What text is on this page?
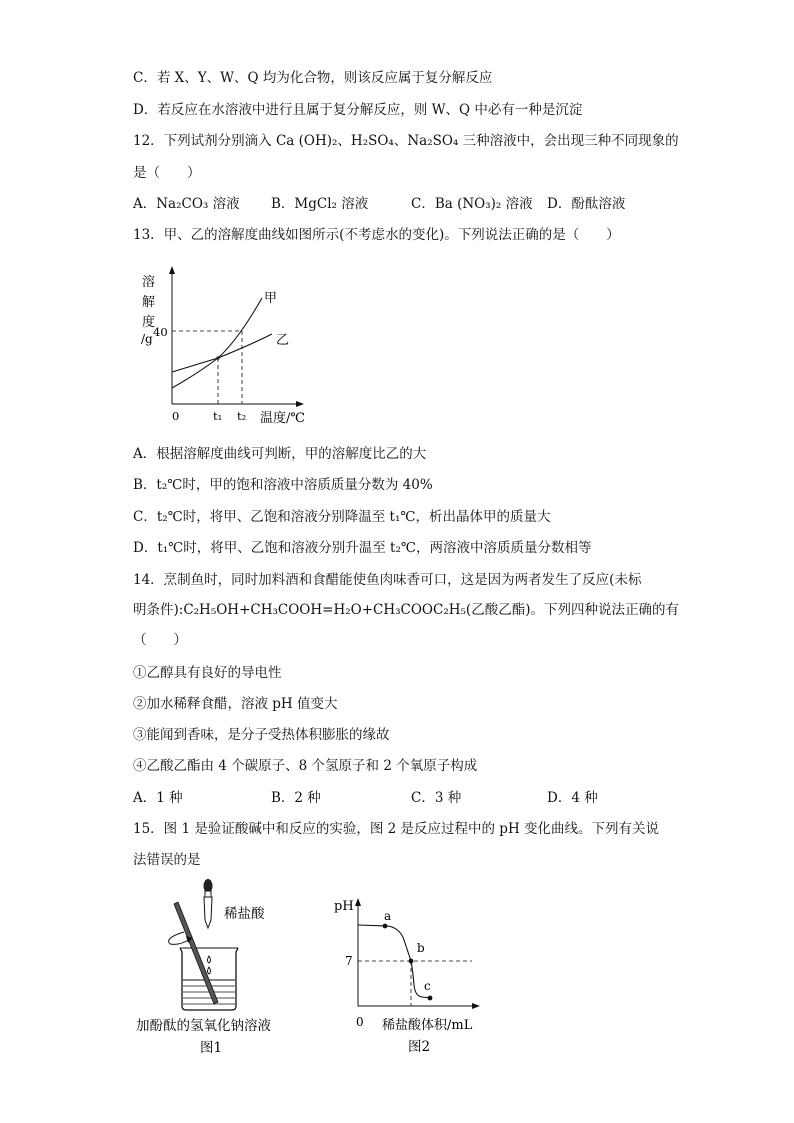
C．若 X、Y、W、Q 均为化合物，则该反应属于复分解反应
D．若反应在水溶液中进行且属于复分解反应，则 W、Q 中必有一种是沉淀
12．下列试剂分别滴入 Ca (OH)₂、H₂SO₄、Na₂SO₄ 三种溶液中，会出现三种不同现象的
是（　　）
A．Na₂CO₃ 溶液 B．MgCl₂ 溶液	C．Ba (NO₃)₂ 溶液 D．酚酞溶液
13．甲、乙的溶解度曲线如图所示(不考虑水的变化)。下列说法正确的是（　　）
溶
解
度
/g 40
甲
乙
0	t₁ t₂ 温度/℃
A．根据溶解度曲线可判断，甲的溶解度比乙的大
B．t₂℃时，甲的饱和溶液中溶质质量分数为 40%
C．t₂℃时，将甲、乙饱和溶液分别降温至 t₁℃，析出晶体甲的质量大
D．t₁℃时，将甲、乙饱和溶液分别升温至 t₂℃，两溶液中溶质质量分数相等
14．烹制鱼时，同时加料酒和食醋能使鱼肉味香可口，这是因为两者发生了反应(未标
明条件):C₂H₅OH+CH₃COOH=H₂O+CH₃COOC₂H₅(乙酸乙酯)。下列四种说法正确的有
（　　）
①乙醇具有良好的导电性
②加水稀释食醋，溶液 pH 值变大
③能闻到香味，是分子受热体积膨胀的缘故
④乙酸乙酯由 4 个碳原子、8 个氢原子和 2 个氧原子构成
A．1 种	B．2 种	C．3 种	D．4 种
15．图 1 是验证酸碱中和反应的实验，图 2 是反应过程中的 pH 变化曲线。下列有关说
法错误的是
稀盐酸
加酚酞的氢氧化钠溶液
图1
pH
7
a
b
c
0 稀盐酸体积/mL
图2
